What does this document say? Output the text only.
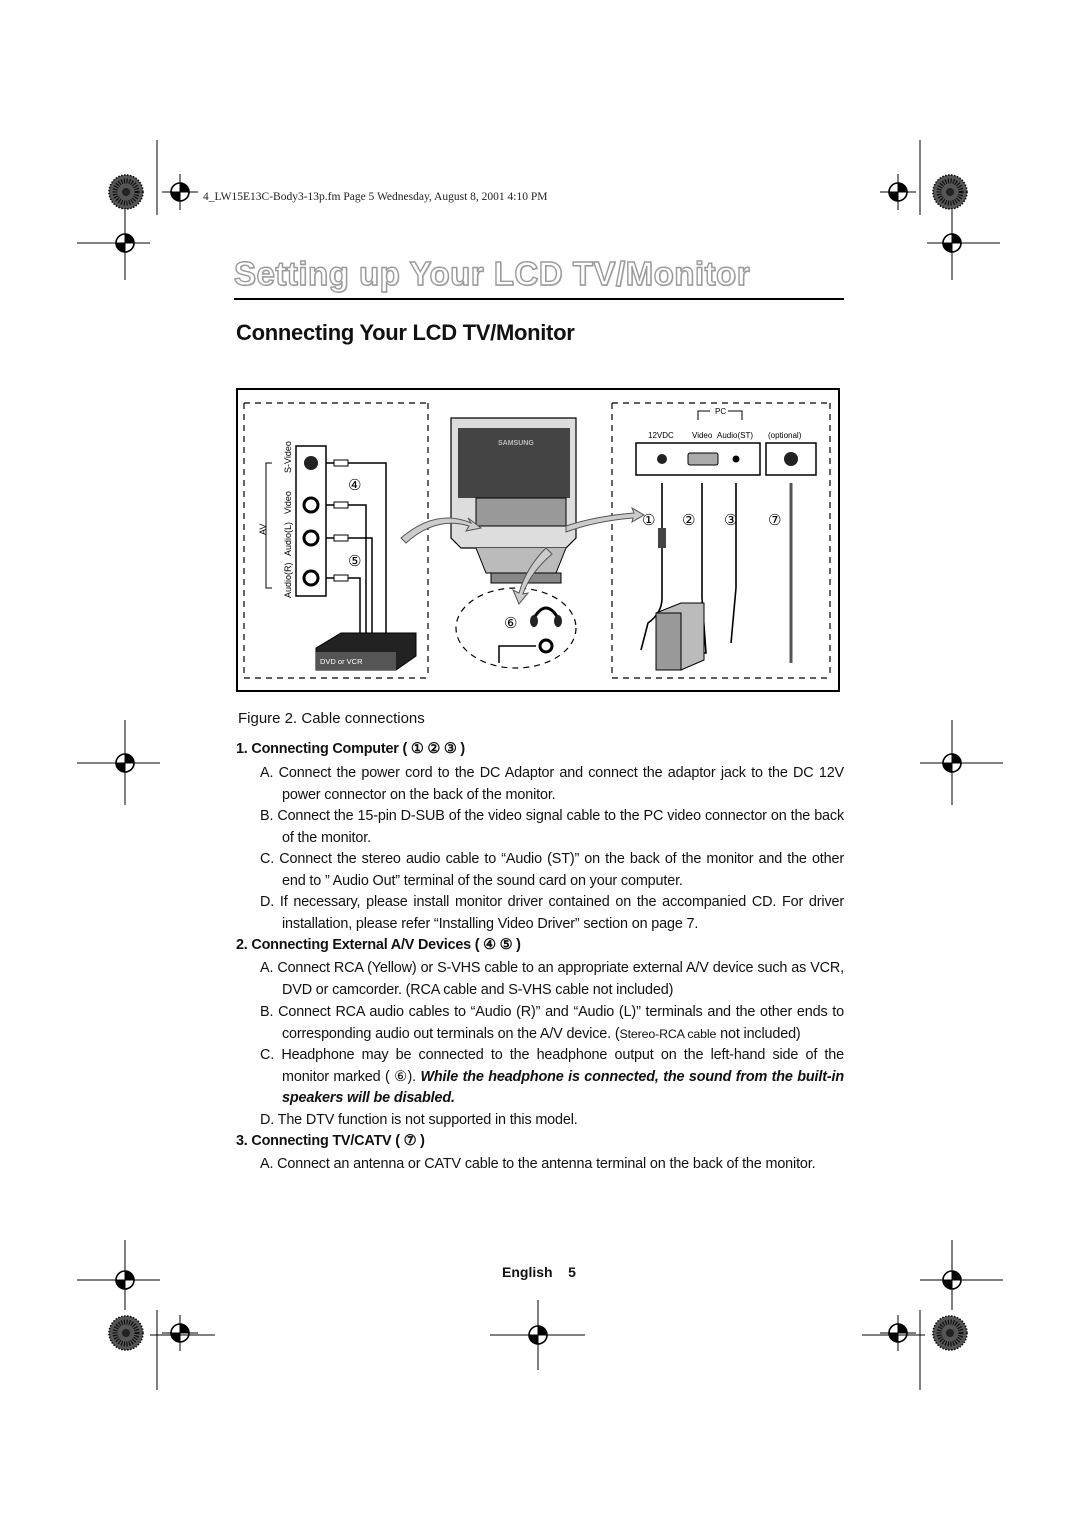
4_LW15E13C-Body3-13p.fm Page 5 Wednesday, August 8, 2001 4:10 PM
Setting up Your LCD TV/Monitor
Connecting Your LCD TV/Monitor
S-Video
Video
Audio(L)
Audio(R)
AV
DVD or VCR
SAMSUNG
PC
12VDC Video Audio(ST) (optional)
① ② ③
④
⑤
⑥
⑦
Figure 2. Cable connections
1. Connecting Computer ( ① ② ③ )
A. Connect the power cord to the DC Adaptor and connect the adaptor jack to the DC 12V power connector on the back of the monitor.
B. Connect the 15-pin D-SUB of the video signal cable to the PC video connector on the back of the monitor.
C. Connect the stereo audio cable to “Audio (ST)” on the back of the monitor and the other end to ” Audio Out” terminal of the sound card on your computer.
D. If necessary, please install monitor driver contained on the accompanied CD. For driver installation, please refer “Installing Video Driver” section on page 7.
2. Connecting External A/V Devices ( ④ ⑤ )
A. Connect RCA (Yellow) or S-VHS cable to an appropriate external A/V device such as VCR, DVD or camcorder. (RCA cable and S-VHS cable not included)
B. Connect RCA audio cables to “Audio (R)” and “Audio (L)” terminals and the other ends to corresponding audio out terminals on the A/V device. (Stereo-RCA cable not included)
C. Headphone may be connected to the headphone output on the left-hand side of the monitor marked ( ⑥). While the headphone is connected, the sound from the built-in speakers will be disabled.
D. The DTV function is not supported in this model.
3. Connecting TV/CATV ( ⑦ )
A. Connect an antenna or CATV cable to the antenna terminal on the back of the monitor.
English 5
